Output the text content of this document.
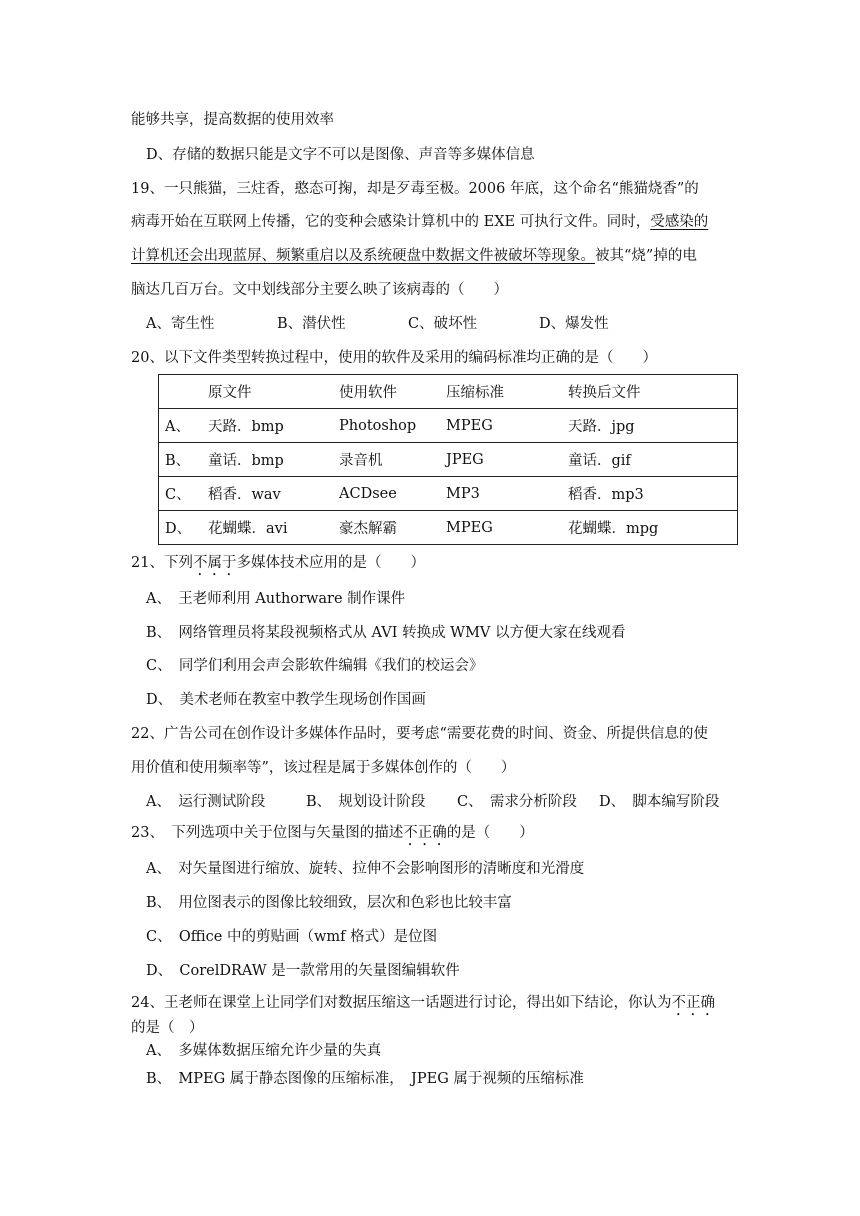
能够共享，提高数据的使用效率
D、存储的数据只能是文字不可以是图像、声音等多媒体信息
19、一只熊猫，三炷香，憨态可掬，却是歹毒至极。2006 年底，这个命名“熊猫烧香”的
病毒开始在互联网上传播，它的变种会感染计算机中的 EXE 可执行文件。同时，受感染的
计算机还会出现蓝屏、频繁重启以及系统硬盘中数据文件被破坏等现象。被其“烧”掉的电
脑达几百万台。文中划线部分主要么映了该病毒的（　　）
A、寄生性	B、潜伏性	C、破坏性	D、爆发性
20、以下文件类型转换过程中，使用的软件及采用的编码标准均正确的是（　　）
	原文件	使用软件	压缩标准	转换后文件
A、	天路．bmp	Photoshop	MPEG	天路．jpg
B、	童话．bmp	录音机	JPEG	童话．gif
C、	稻香．wav	ACDsee	MP3	稻香．mp3
D、	花蝴蝶．avi	豪杰解霸	MPEG	花蝴蝶．mpg
21、下列不属于多媒体技术应用的是（　　）
A、　王老师利用 Authorware 制作课件
B、　网络管理员将某段视频格式从 AVI 转换成 WMV 以方便大家在线观看
C、　同学们利用会声会影软件编辑《我们的校运会》
D、　美术老师在教室中教学生现场创作国画
22、广告公司在创作设计多媒体作品时，要考虑“需要花费的时间、资金、所提供信息的使
用价值和使用频率等”，该过程是属于多媒体创作的（　　）
A、　运行测试阶段	B、　规划设计阶段 C、　需求分析阶段 D、　脚本编写阶段
23、　下列选项中关于位图与矢量图的描述不正确的是（　　）
A、　对矢量图进行缩放、旋转、拉伸不会影响图形的清晰度和光滑度
B、　用位图表示的图像比较细致，层次和色彩也比较丰富
C、　Office 中的剪贴画（wmf 格式）是位图
D、　CorelDRAW 是一款常用的矢量图编辑软件
24、王老师在课堂上让同学们对数据压缩这一话题进行讨论，得出如下结论，你认为不正确
的是（　）
A、　多媒体数据压缩允许少量的失真
B、　MPEG 属于静态图像的压缩标准，　JPEG 属于视频的压缩标准
